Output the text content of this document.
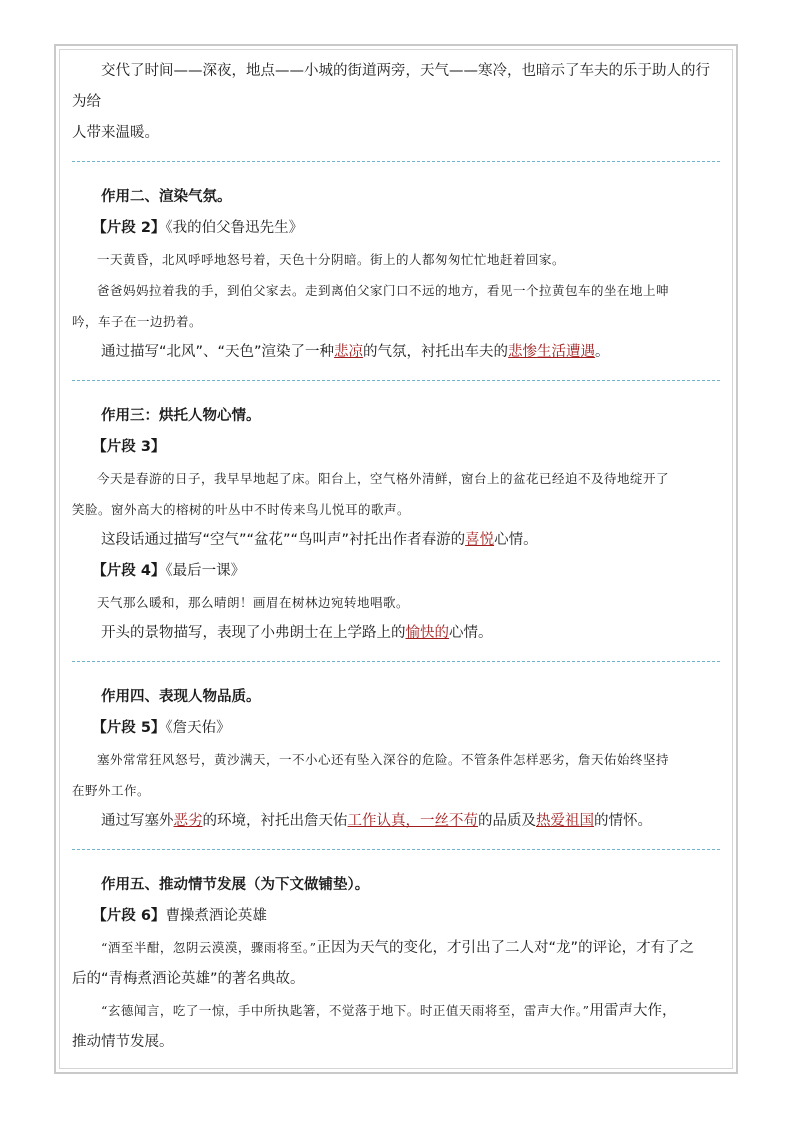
交代了时间——深夜，地点——小城的街道两旁，天气——寒冷，也暗示了车夫的乐于助人的行为给

人带来温暖。

作用二、渲染气氛。

【片段 2】《我的伯父鲁迅先生》

一天黄昏，北风呼呼地怒号着，天色十分阴暗。街上的人都匆匆忙忙地赶着回家。

爸爸妈妈拉着我的手，到伯父家去。走到离伯父家门口不远的地方，看见一个拉黄包车的坐在地上呻

吟，车子在一边扔着。

通过描写“北风”、“天色”渲染了一种悲凉的气氛，衬托出车夫的悲惨生活遭遇。

作用三：烘托人物心情。

【片段 3】

今天是春游的日子，我早早地起了床。阳台上，空气格外清鲜，窗台上的盆花已经迫不及待地绽开了

笑脸。窗外高大的榕树的叶丛中不时传来鸟儿悦耳的歌声。

这段话通过描写“空气”“盆花”“鸟叫声”衬托出作者春游的喜悦心情。

【片段 4】《最后一课》

天气那么暖和，那么晴朗！画眉在树林边宛转地唱歌。

开头的景物描写，表现了小弗朗士在上学路上的愉快的心情。

作用四、表现人物品质。

【片段 5】《詹天佑》

塞外常常狂风怒号，黄沙满天，一不小心还有坠入深谷的危险。不管条件怎样恶劣，詹天佑始终坚持

在野外工作。

通过写塞外恶劣的环境，衬托出詹天佑工作认真，一丝不苟的品质及热爱祖国的情怀。

作用五、推动情节发展（为下文做铺垫）。

【片段 6】曹操煮酒论英雄

“酒至半酣，忽阴云漠漠，骤雨将至。”正因为天气的变化，才引出了二人对“龙”的评论，才有了之

后的“青梅煮酒论英雄”的著名典故。

“玄德闻言，吃了一惊，手中所执匙箸，不觉落于地下。时正值天雨将至，雷声大作。”用雷声大作，

推动情节发展。
